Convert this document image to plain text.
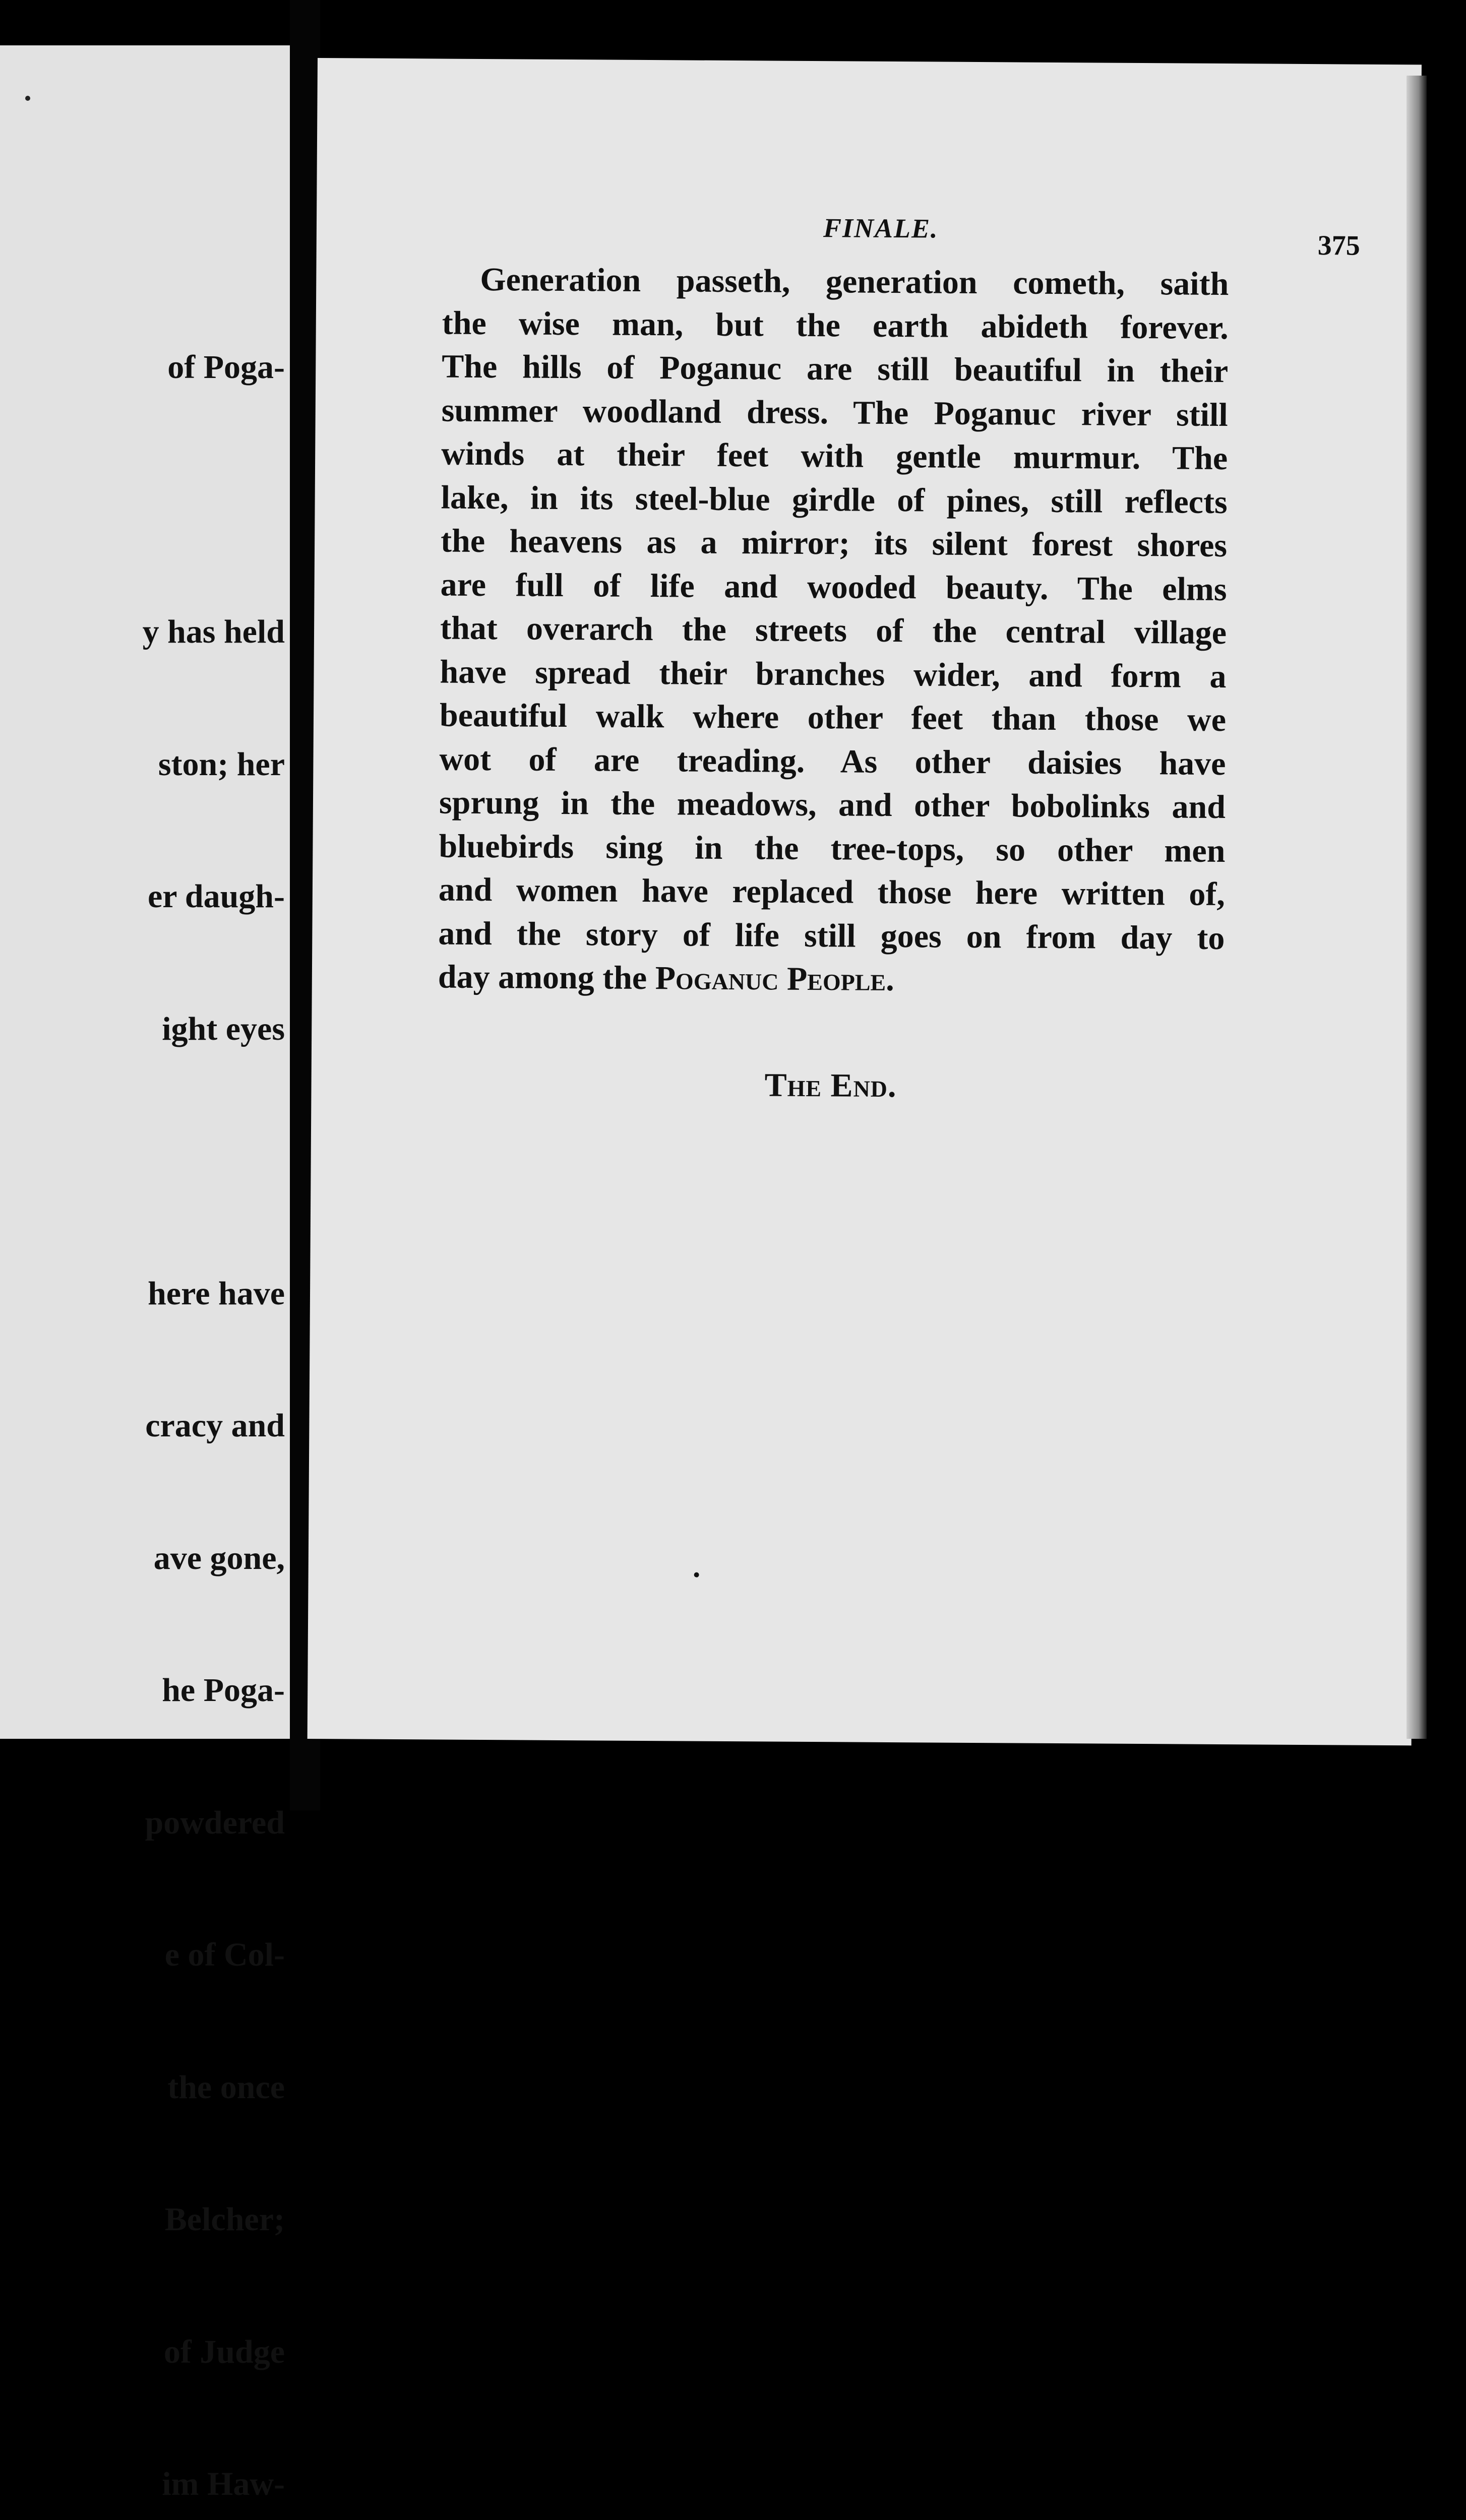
of Poga-

y has held

ston; her

er daugh-

ight eyes

here have

cracy and

ave gone,

he Poga-

powdered

e of Col-

the once

Belcher;

of Judge

im Haw-

FINALE.
375
Generation passeth, generation cometh, saith
the wise man, but the earth abideth forever.
The hills of Poganuc are still beautiful in their
summer woodland dress. The Poganuc river still
winds at their feet with gentle murmur. The
lake, in its steel-blue girdle of pines, still reflects
the heavens as a mirror; its silent forest shores
are full of life and wooded beauty. The elms
that overarch the streets of the central village
have spread their branches wider, and form a
beautiful walk where other feet than those we
wot of are treading. As other daisies have
sprung in the meadows, and other bobolinks and
bluebirds sing in the tree-tops, so other men
and women have replaced those here written of,
and the story of life still goes on from day to
day among the Poganuc People.
The End.
